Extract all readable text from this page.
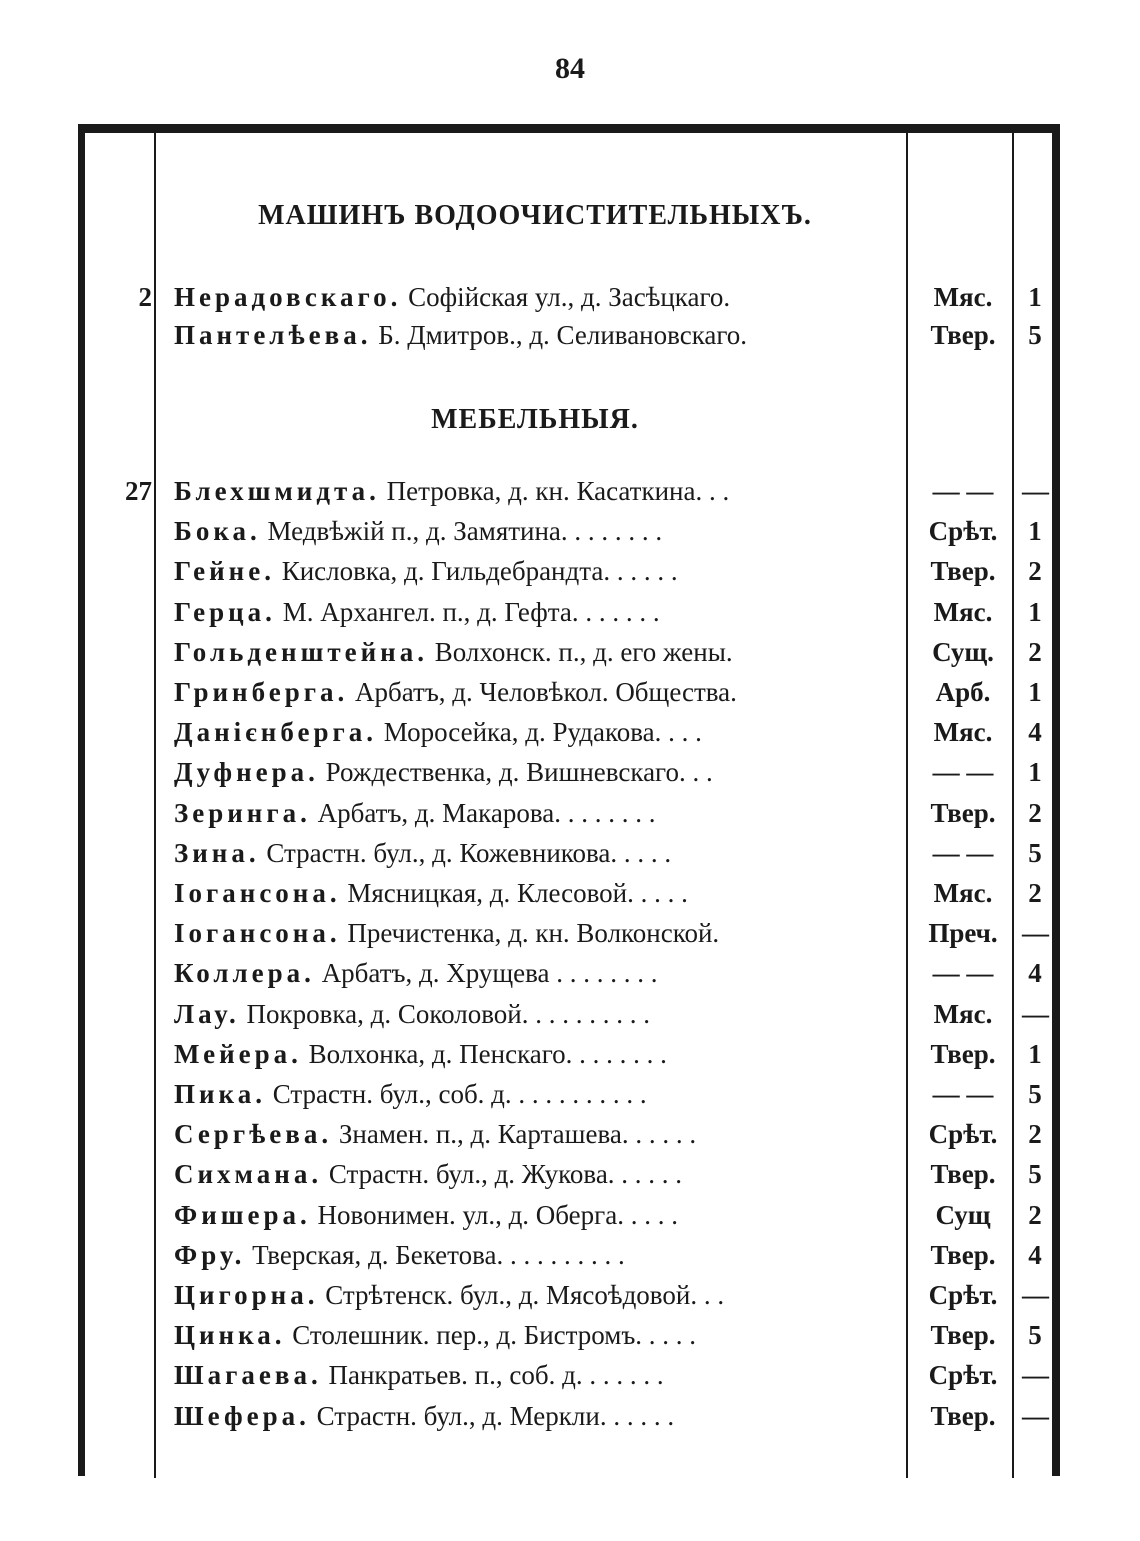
84
МАШИНЪ ВОДООЧИСТИТЕЛЬНЫХЪ.
2 Нерадовскаго. Софійская ул., д. Засѣцкаго.	Мяс.	1
Пантелѣева. Б. Дмитров., д. Селивановскаго.	Твер.	5
МЕБЕЛЬНЫЯ.
27 Блехшмидта. Петровка, д. кн. Касаткина. . .	— —	—
Бока. Медвѣжій п., д. Замятина. . . . . . . .	Срѣт.	1
Гейне. Кисловка, д. Гильдебрандта. . . . . .	Твер.	2
Герца. М. Архангел. п., д. Гефта. . . . . . .	Мяс.	1
Гольденштейна. Волхонск. п., д. его жены.	Сущ.	2
Гринберга. Арбатъ, д. Человѣкол. Общества.	Арб.	1
Данієнберга. Моросейка, д. Рудакова. . . .	Мяс.	4
Дуфнера. Рождественка, д. Вишневскаго. . .	— —	1
Зеринга. Арбатъ, д. Макарова. . . . . . . .	Твер.	2
Зина. Страстн. бул., д. Кожевникова. . . . .	— —	5
Іогансона. Мясницкая, д. Клесовой. . . . .	Мяс.	2
Іогансона. Пречистенка, д. кн. Волконской.	Преч. —
Коллера. Арбатъ, д. Хрущева . . . . . . . .	— —	4
Лау. Покровка, д. Соколовой. . . . . . . . . .	Мяс.	—
Мейера. Волхонка, д. Пенскаго. . . . . . . .	Твер.	1
Пика. Страстн. бул., соб. д. . . . . . . . . . .	— —	5
Сергѣева. Знамен. п., д. Карташева. . . . . .	Срѣт.	2
Сихмана. Страстн. бул., д. Жукова. . . . . .	Твер.	5
Фишера. Новонимен. ул., д. Оберга. . . . .	Сущ	2
Фру. Тверская, д. Бекетова. . . . . . . . . .	Твер.	4
Цигорна. Стрѣтенск. бул., д. Мясоѣдовой. . .	Срѣт. —
Цинка. Столешник. пер., д. Бистромъ. . . . .	Твер.	5
Шагаева. Панкратьев. п., соб. д. . . . . . .	Срѣт. —
Шефера. Страстн. бул., д. Меркли. . . . . .	Твер. —
